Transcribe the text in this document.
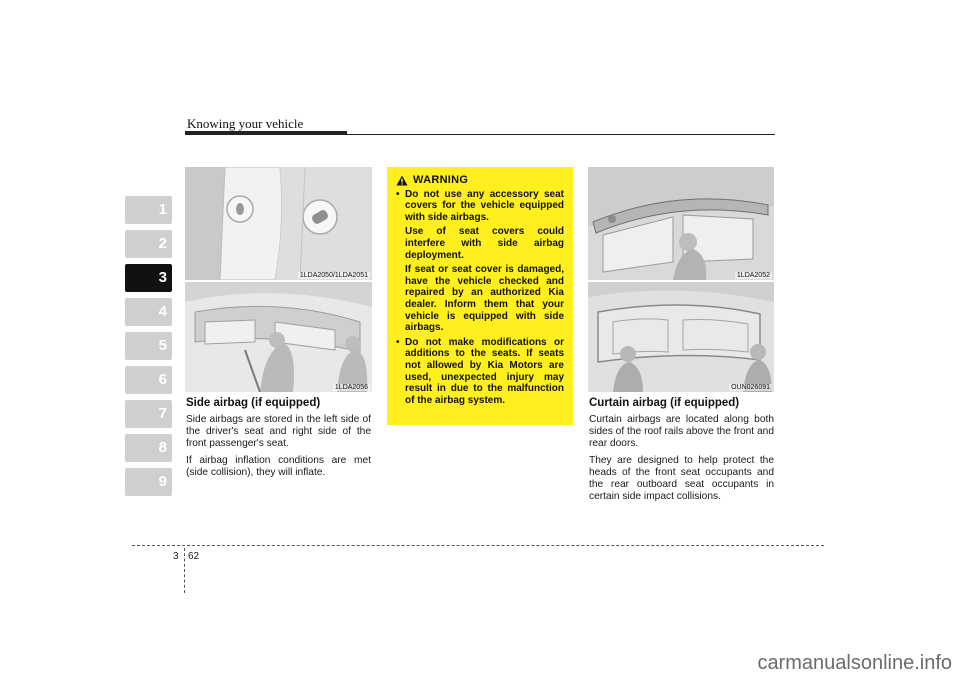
Knowing your vehicle
1
2
3
4
5
6
7
8
9
1LDA2050/1LDA2051
1LDA2056
Side airbag (if equipped)
Side airbags are stored in the left side of the driver's seat and right side of the front passenger's seat.
If airbag inflation conditions are met (side collision), they will inflate.
WARNING
• Do not use any accessory seat covers for the vehicle equipped with side airbags.
Use of seat covers could interfere with side airbag deployment.
If seat or seat cover is damaged, have the vehicle checked and repaired by an authorized Kia dealer. Inform them that your vehicle is equipped with side airbags.
• Do not make modifications or additions to the seats. If seats not allowed by Kia Motors are used, unexpected injury may result in due to the malfunction of the airbag system.
1LDA2052
OUN026091
Curtain airbag (if equipped)
Curtain airbags are located along both sides of the roof rails above the front and rear doors.
They are designed to help protect the heads of the front seat occupants and the rear outboard seat occupants in certain side impact collisions.
3 62
carmanualsonline.info
